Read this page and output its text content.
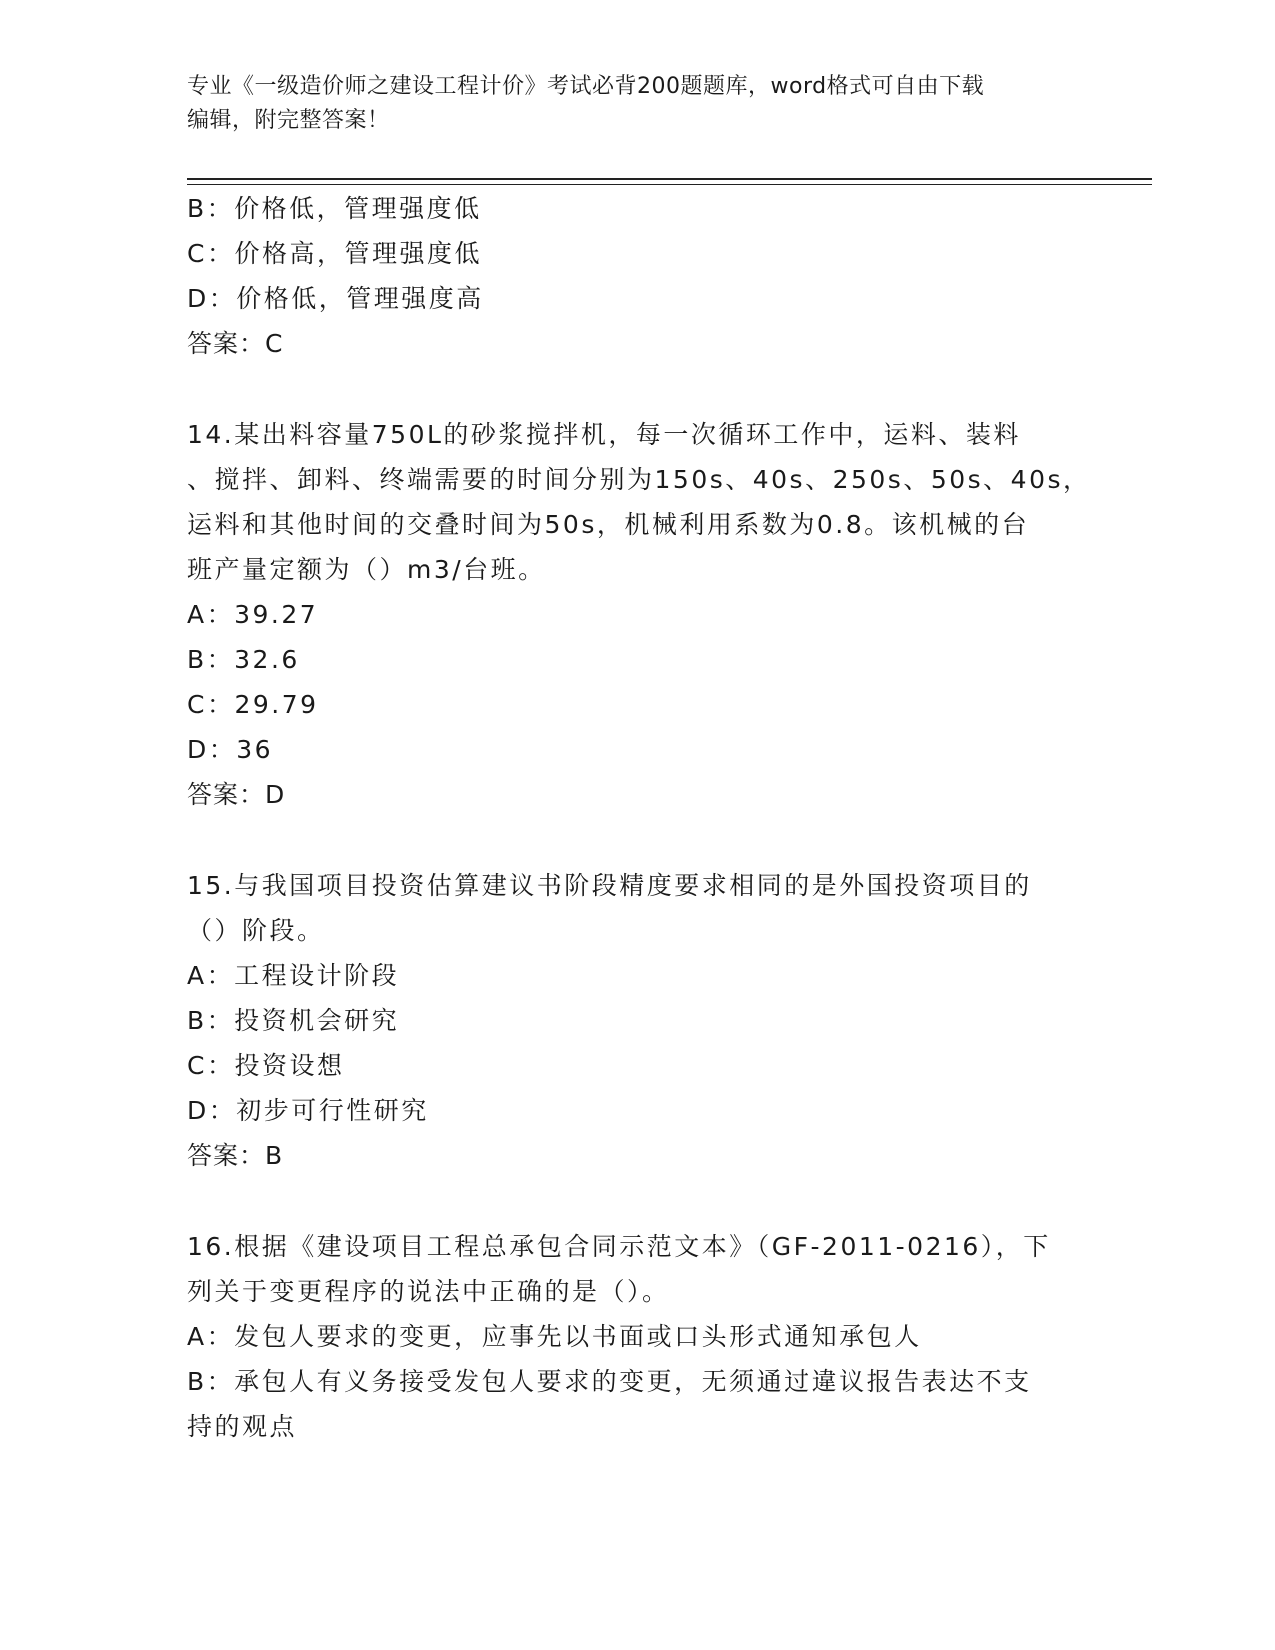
专业《一级造价师之建设工程计价》考试必背200题题库，word格式可自由下载
编辑，附完整答案！
B：价格低，管理强度低
C：价格高，管理强度低
D：价格低，管理强度高
答案：C
14.某出料容量750L的砂浆搅拌机，每一次循环工作中，运料、装料
、搅拌、卸料、终端需要的时间分别为150s、40s、250s、50s、40s，
运料和其他时间的交叠时间为50s，机械利用系数为0.8。该机械的台
班产量定额为（）m3/台班。
A：39.27
B：32.6
C：29.79
D：36
答案：D
15.与我国项目投资估算建议书阶段精度要求相同的是外国投资项目的
（）阶段。
A：工程设计阶段
B：投资机会研究
C：投资设想
D：初步可行性研究
答案：B
16.根据《建设项目工程总承包合同示范文本》（GF-2011-0216），下
列关于变更程序的说法中正确的是（）。
A：发包人要求的变更，应事先以书面或口头形式通知承包人
B：承包人有义务接受发包人要求的变更，无须通过違议报告表达不支
持的观点
